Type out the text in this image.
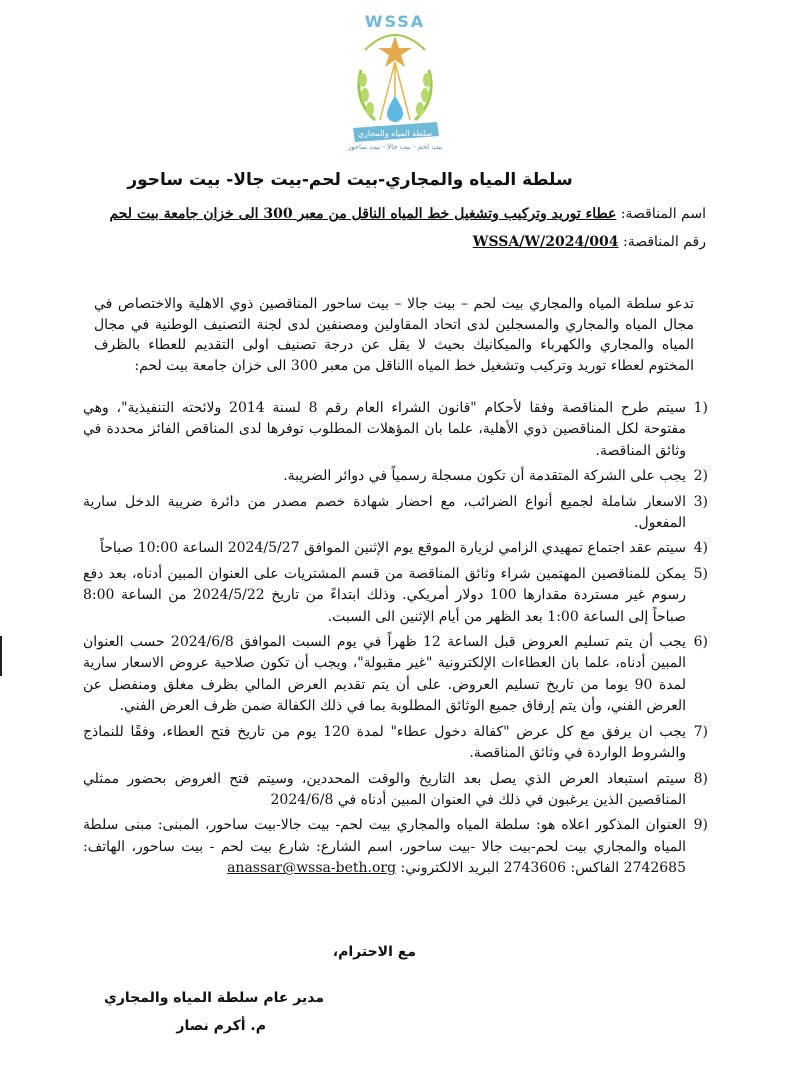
WSSA
سلطة المياه والمجاري
بيت لحم - بيت جالا - بيت ساحور
سلطة المياه والمجاري-بيت لحم-بيت جالا- بيت ساحور
اسم المناقصة: عطاء توريد وتركيب وتشغيل خط المياه الناقل من معبر 300 الى خزان جامعة بيت لحم
رقم المناقصة: WSSA/W/2024/004
تدعو سلطة المياه والمجاري بيت لحم – بيت جالا – بيت ساحور المناقصين ذوي الاهلية والاختصاص في مجال المياه والمجاري والمسجلين لدى اتحاد المقاولين ومصنفين لدى لجنة التصنيف الوطنية في مجال المياه والمجاري والكهرباء والميكانيك بحيث لا يقل عن درجة تصنيف اولى التقديم للعطاء بالظرف المختوم لعطاء توريد وتركيب وتشغيل خط المياه االناقل من معبر 300 الى خزان جامعة بيت لحم:
1)
سيتم طرح المناقصة وفقا لأحكام "قانون الشراء العام رقم 8 لسنة 2014 ولائحته التنفيذية"، وهي مفتوحة لكل المناقصين ذوي الأهلية، علما بان المؤهلات المطلوب توفرها لدى المناقص الفائز محددة في وثائق المناقصة.
2)
يجب على الشركة المتقدمة أن تكون مسجلة رسمياً في دوائر الضريبة.
3)
الاسعار شاملة لجميع أنواع الضرائب، مع احضار شهادة خصم مصدر من دائرة ضريبة الدخل سارية المفعول.
4)
سيتم عقد اجتماع تمهيدي الزامي لزيارة الموقع يوم الإثنين الموافق 2024/5/27 الساعة 10:00 صباحاً
5)
يمكن للمناقصين المهتمين شراء وثائق المناقصة من قسم المشتريات على العنوان المبين أدناه، بعد دفع رسوم غير مستردة مقدارها 100 دولار أمريكي. وذلك ابتداءً من تاريخ 2024/5/22 من الساعة 8:00 صباحاً إلى الساعة 1:00 بعد الظهر من أيام الإثنين الى السبت.
6)
يجب أن يتم تسليم العروض قبل الساعة 12 ظهراً في يوم السبت الموافق 2024/6/8 حسب العنوان المبين أدناه، علما بان العطاءات الإلكترونية "غير مقبولة"، ويجب أن تكون صلاحية عروض الاسعار سارية لمدة 90 يوما من تاريخ تسليم العروض. على أن يتم تقديم العرض المالي بظرف مغلق ومنفصل عن العرض الفني، وأن يتم إرفاق جميع الوثائق المطلوبة بما في ذلك الكفالة ضمن ظرف العرض الفني.
7)
يجب ان يرفق مع كل عرض "كفالة دخول عطاء" لمدة 120 يوم من تاريخ فتح العطاء، وفقًا للنماذج والشروط الواردة في وثائق المناقصة.
8)
سيتم استبعاد العرض الذي يصل بعد التاريخ والوقت المحددين، وسيتم فتح العروض بحضور ممثلي المناقصين الذين يرغبون في ذلك في العنوان المبين أدناه في 2024/6/8
9)
العنوان المذكور اعلاه هو: سلطة المياه والمجاري بيت لحم- بيت جالا-بيت ساحور، المبنى: مبنى سلطة المياه والمجاري بيت لحم-بيت جالا -بيت ساحور، اسم الشارع: شارع بيت لحم - بيت ساحور، الهاتف: 2742685 الفاكس: 2743606 البريد الالكتروني: anassar@wssa-beth.org
مع الاحترام،
مدير عام سلطة المياه والمجاري
م. أكرم نصار
